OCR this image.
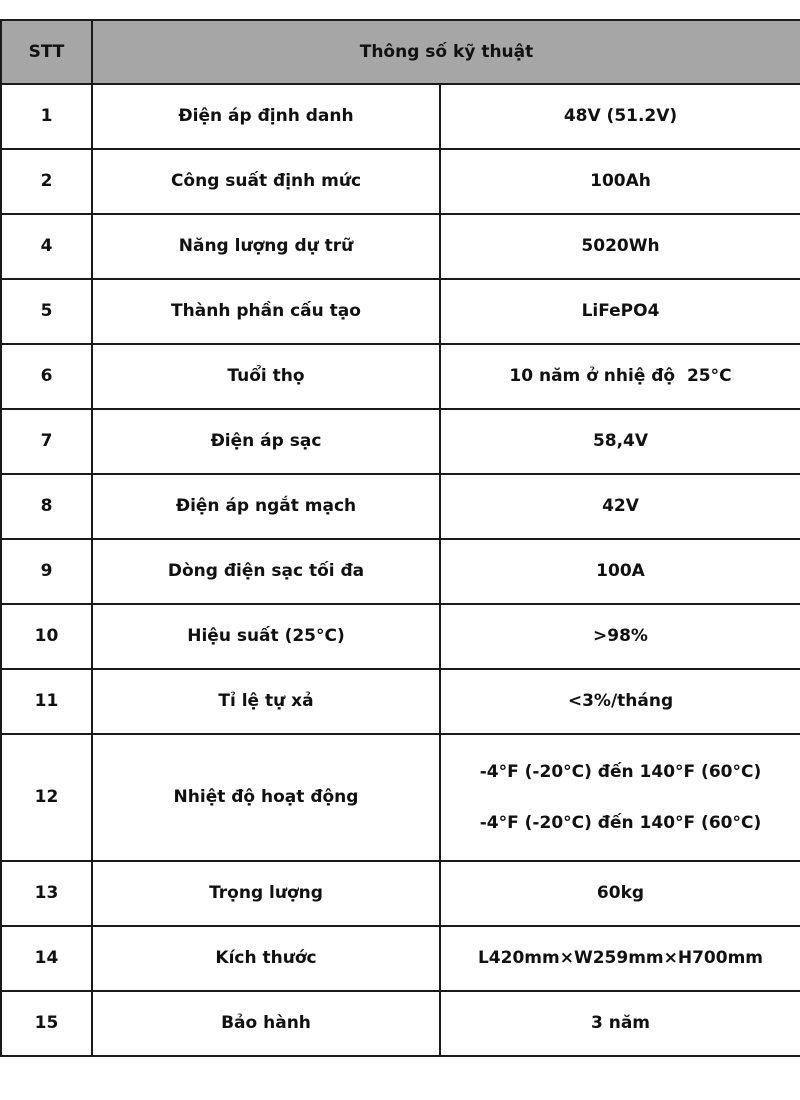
STT	Thông số kỹ thuật	
1	Điện áp định danh	48V (51.2V)
2	Công suất định mức	100Ah
4	Năng lượng dự trữ	5020Wh
5	Thành phần cấu tạo	LiFePO4
6	Tuổi thọ	10 năm ở nhiệ độ  25°C
7	Điện áp sạc	58,4V
8	Điện áp ngắt mạch	42V
9	Dòng điện sạc tối đa	100A
10	Hiệu suất (25°C)	>98%
11	Tỉ lệ tự xả	<3%/tháng
12	Nhiệt độ hoạt động	-4°F (-20°C) đến 140°F (60°C)
-4°F (-20°C) đến 140°F (60°C)

13	Trọng lượng	60kg
14	Kích thước	L420mm×W259mm×H700mm
15	Bảo hành	3 năm
